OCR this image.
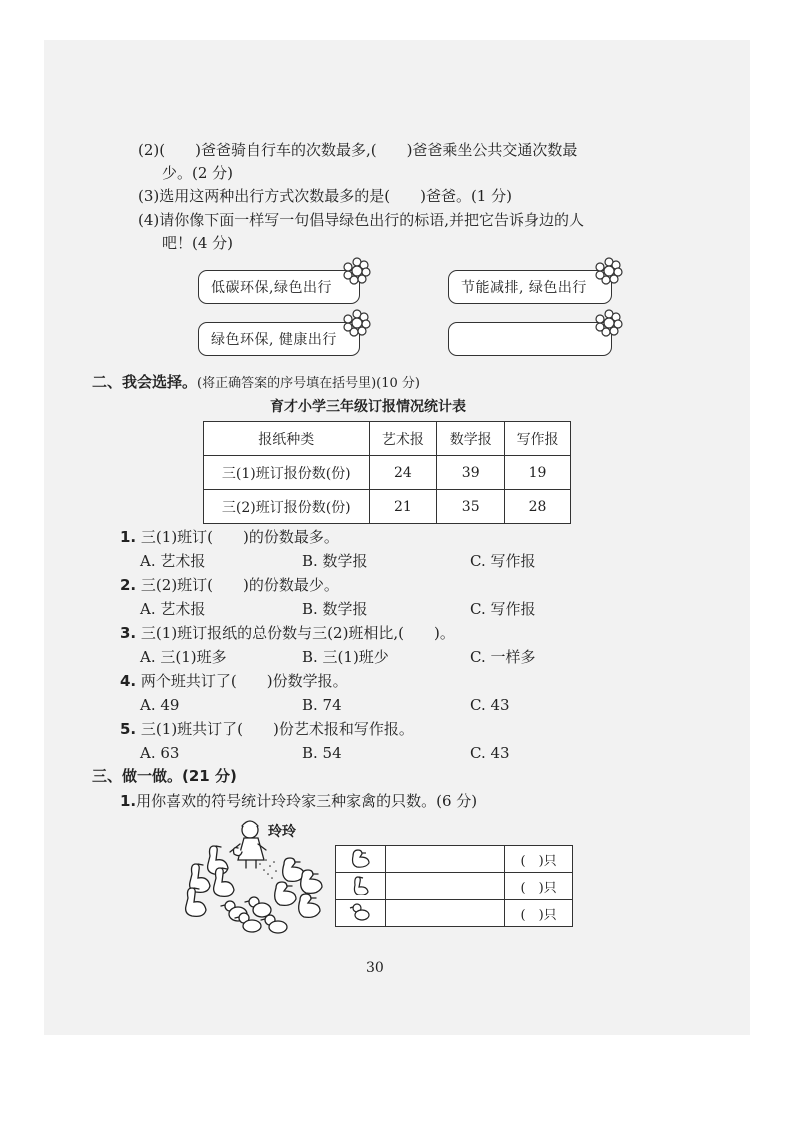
(2)(　　)爸爸骑自行车的次数最多,(　　)爸爸乘坐公共交通次数最
少。(2 分)
(3)选用这两种出行方式次数最多的是(　　)爸爸。(1 分)
(4)请你像下面一样写一句倡导绿色出行的标语,并把它告诉身边的人
吧！(4 分)
低碳环保,绿色出行	节能减排, 绿色出行
绿色环保, 健康出行
二、我会选择。(将正确答案的序号填在括号里)(10 分)
育才小学三年级订报情况统计表
报纸种类	艺术报	数学报	写作报
三(1)班订报份数(份)	24	39	19
三(2)班订报份数(份)	21	35	28
1. 三(1)班订(　　)的份数最多。
A. 艺术报	B. 数学报	C. 写作报
2. 三(2)班订(　　)的份数最少。
A. 艺术报	B. 数学报	C. 写作报
3. 三(1)班订报纸的总份数与三(2)班相比,(　　)。
A. 三(1)班多	B. 三(1)班少	C. 一样多
4. 两个班共订了(　　)份数学报。
A. 49	B. 74	C. 43
5. 三(1)班共订了(　　)份艺术报和写作报。
A. 63	B. 54	C. 43
三、做一做。(21 分)
1.用你喜欢的符号统计玲玲家三种家禽的只数。(6 分)
玲玲
		(　)只
		(　)只
		(　)只
30
